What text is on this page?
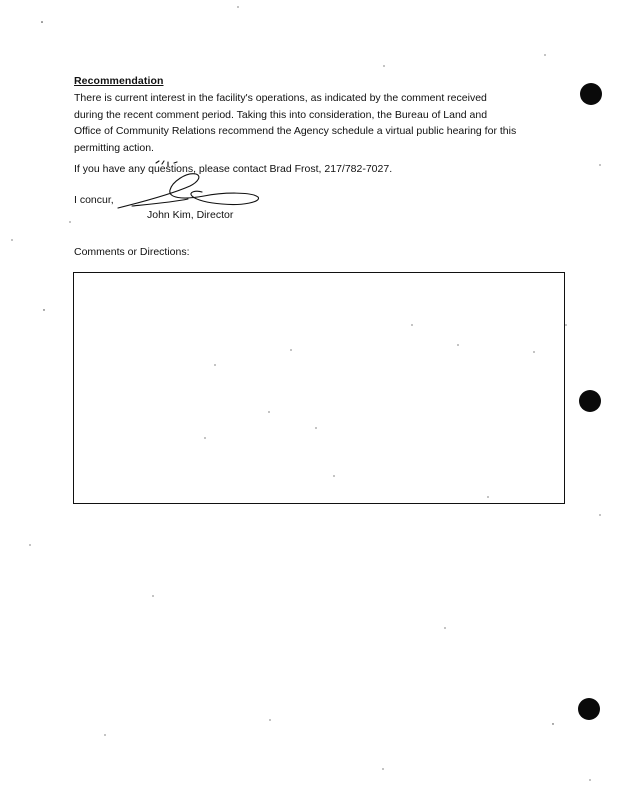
Recommendation
There is current interest in the facility's operations, as indicated by the comment received
during the recent comment period. Taking this into consideration, the Bureau of Land and
Office of Community Relations recommend the Agency schedule a virtual public hearing for this
permitting action.
If you have any questions, please contact Brad Frost, 217/782-7027.
I concur,
John Kim, Director
Comments or Directions:
